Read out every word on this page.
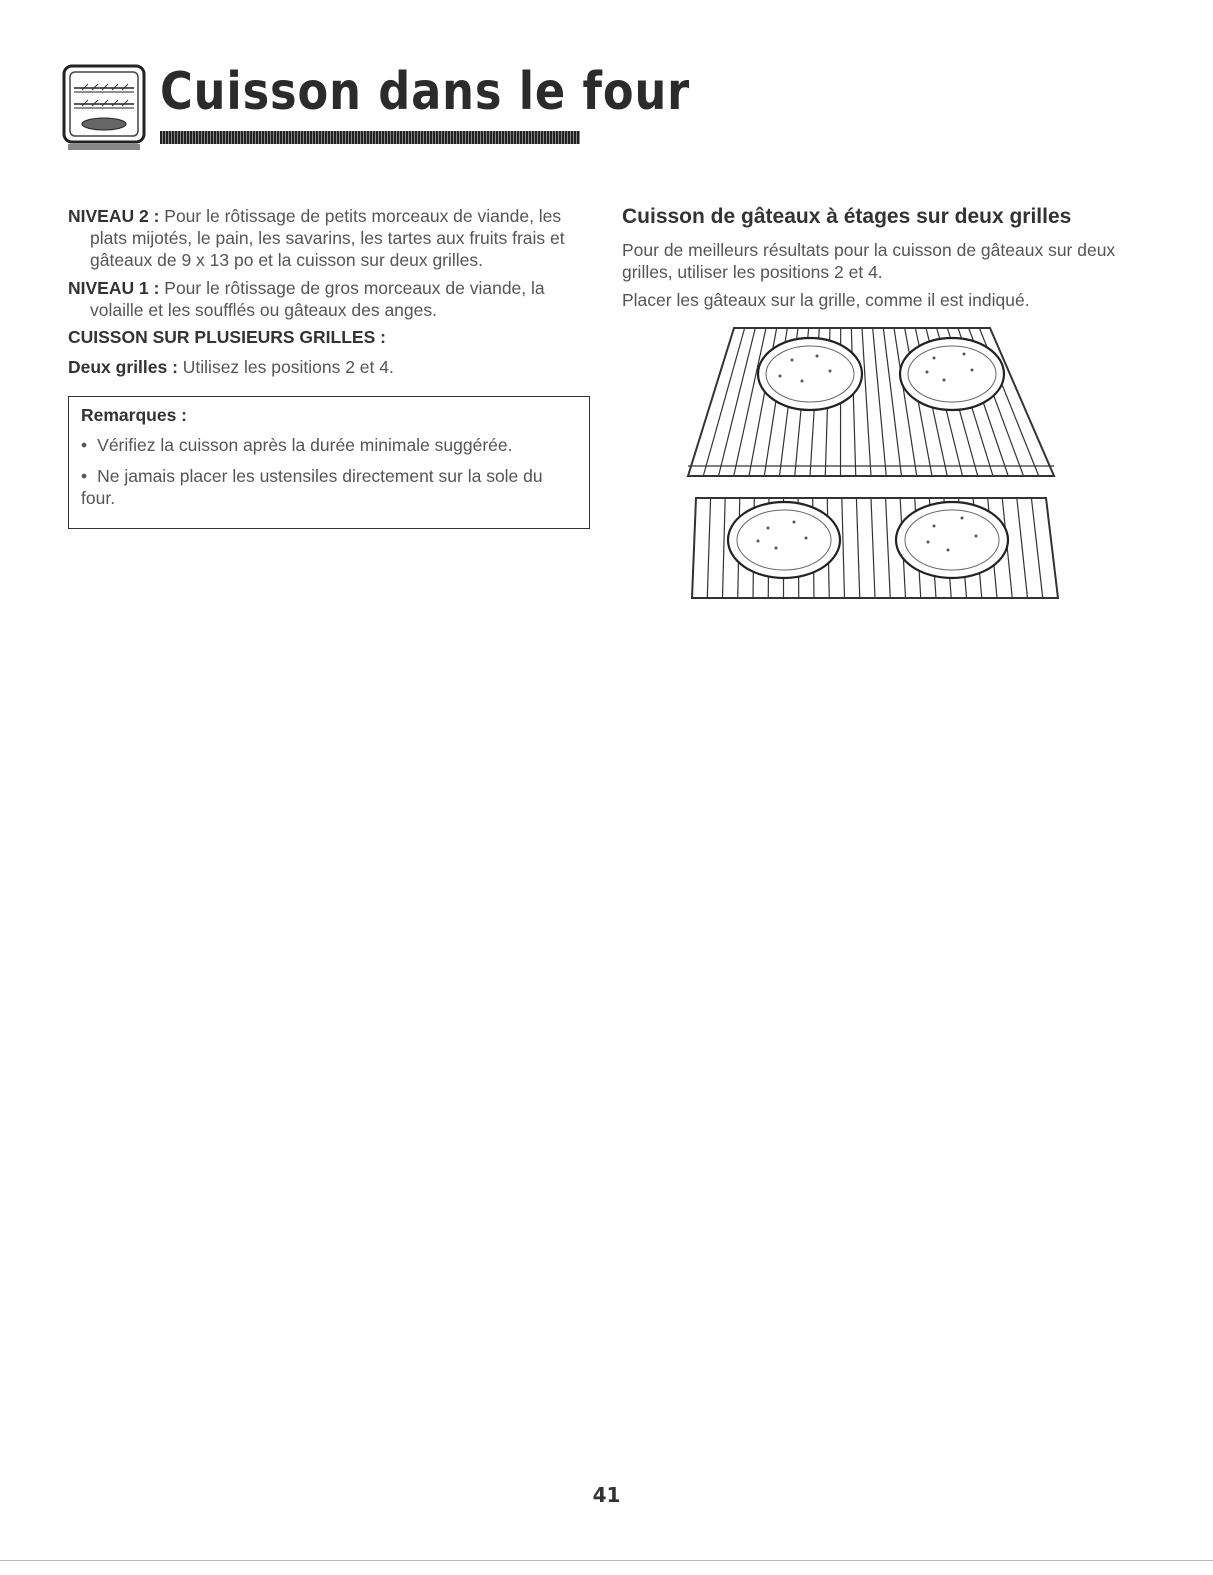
Cuisson dans le four

NIVEAU 2 : Pour le rôtissage de petits morceaux de viande, les plats mijotés, le pain, les savarins, les tartes aux fruits frais et gâteaux de 9 x 13 po et la cuisson sur deux grilles.

NIVEAU 1 : Pour le rôtissage de gros morceaux de viande, la volaille et les soufflés ou gâteaux des anges.

CUISSON SUR PLUSIEURS GRILLES :

Deux grilles : Utilisez les positions 2 et 4.

Remarques :
• Vérifiez la cuisson après la durée minimale suggérée.
• Ne jamais placer les ustensiles directement sur la sole du four.
Cuisson de gâteaux à étages sur deux grilles

Pour de meilleurs résultats pour la cuisson de gâteaux sur deux grilles, utiliser les positions 2 et 4.

Placer les gâteaux sur la grille, comme il est indiqué.

41
